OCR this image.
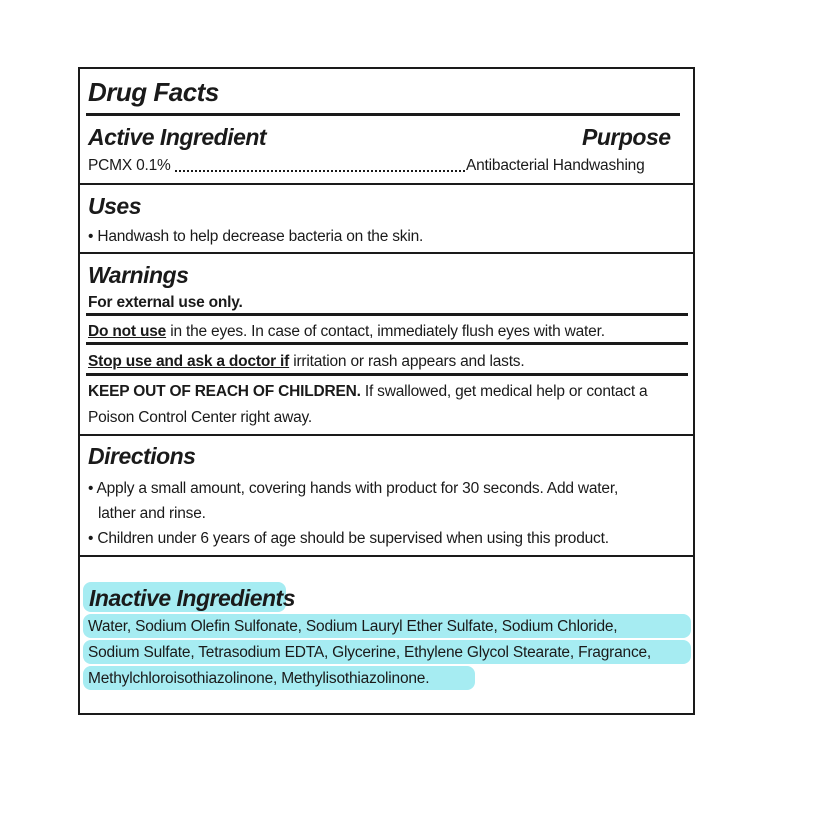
Drug Facts
Active Ingredient	Purpose
PCMX 0.1%	Antibacterial Handwashing
Uses
• Handwash to help decrease bacteria on the skin.
Warnings
For external use only.
Do not use in the eyes. In case of contact, immediately flush eyes with water.
Stop use and ask a doctor if irritation or rash appears and lasts.
KEEP OUT OF REACH OF CHILDREN. If swallowed, get medical help or contact a
Poison Control Center right away.
Directions
• Apply a small amount, covering hands with product for 30 seconds. Add water,
lather and rinse.
• Children under 6 years of age should be supervised when using this product.
Inactive Ingredients
Water, Sodium Olefin Sulfonate, Sodium Lauryl Ether Sulfate, Sodium Chloride,
Sodium Sulfate, Tetrasodium EDTA, Glycerine, Ethylene Glycol Stearate, Fragrance,
Methylchloroisothiazolinone, Methylisothiazolinone.
